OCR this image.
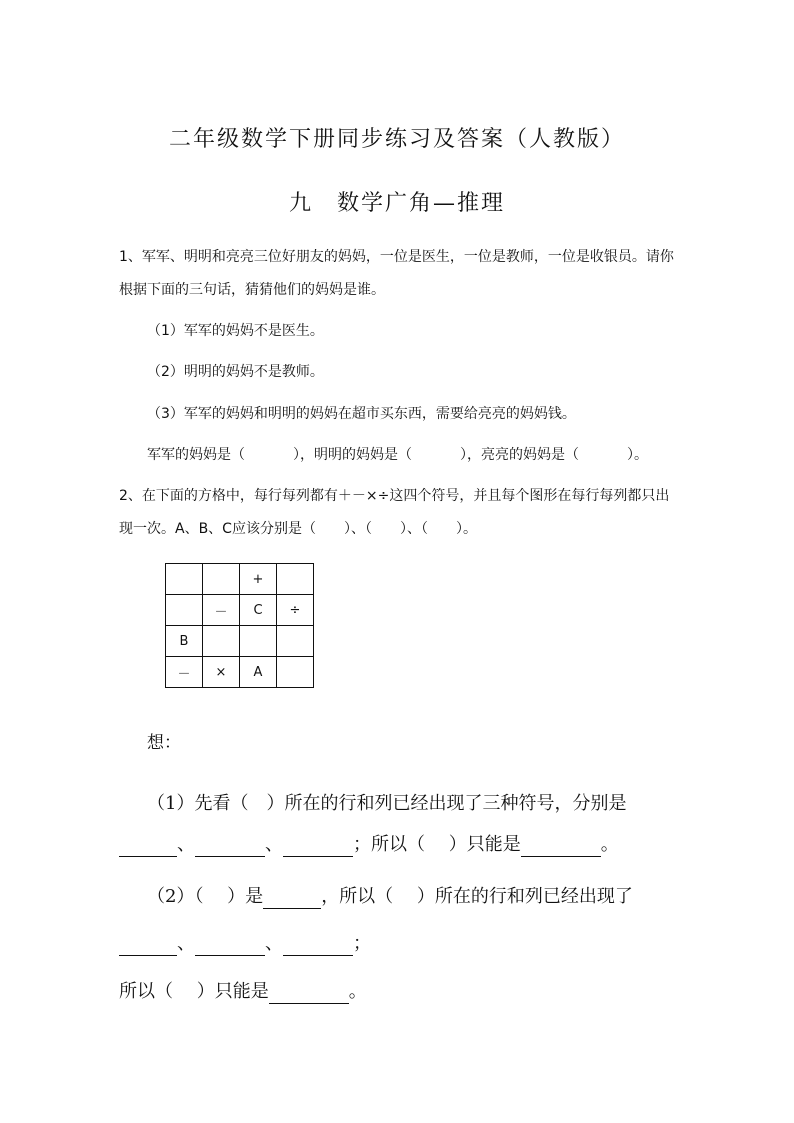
二年级数学下册同步练习及答案（人教版）
九　数学广角—推理
1、军军、明明和亮亮三位好朋友的妈妈，一位是医生，一位是教师，一位是收银员。请你
根据下面的三句话，猜猜他们的妈妈是谁。
（1）军军的妈妈不是医生。
（2）明明的妈妈不是教师。
（3）军军的妈妈和明明的妈妈在超市买东西，需要给亮亮的妈妈钱。
军军的妈妈是（	），明明的妈妈是（	），亮亮的妈妈是（	）。
2、在下面的方格中，每行每列都有＋－×÷这四个符号，并且每个图形在每行每列都只出
现一次。A、B、C应该分别是（　　）、（　　）、（　　）。
		+	
	－	C	÷
B			
－	×	A	
想：
（1）先看（　）所在的行和列已经出现了三种符号，分别是
、	、	；所以（　 ）只能是	。
（2）（　 ）是	，所以（　 ）所在的行和列已经出现了
、	、	；
所以（　 ）只能是	。
